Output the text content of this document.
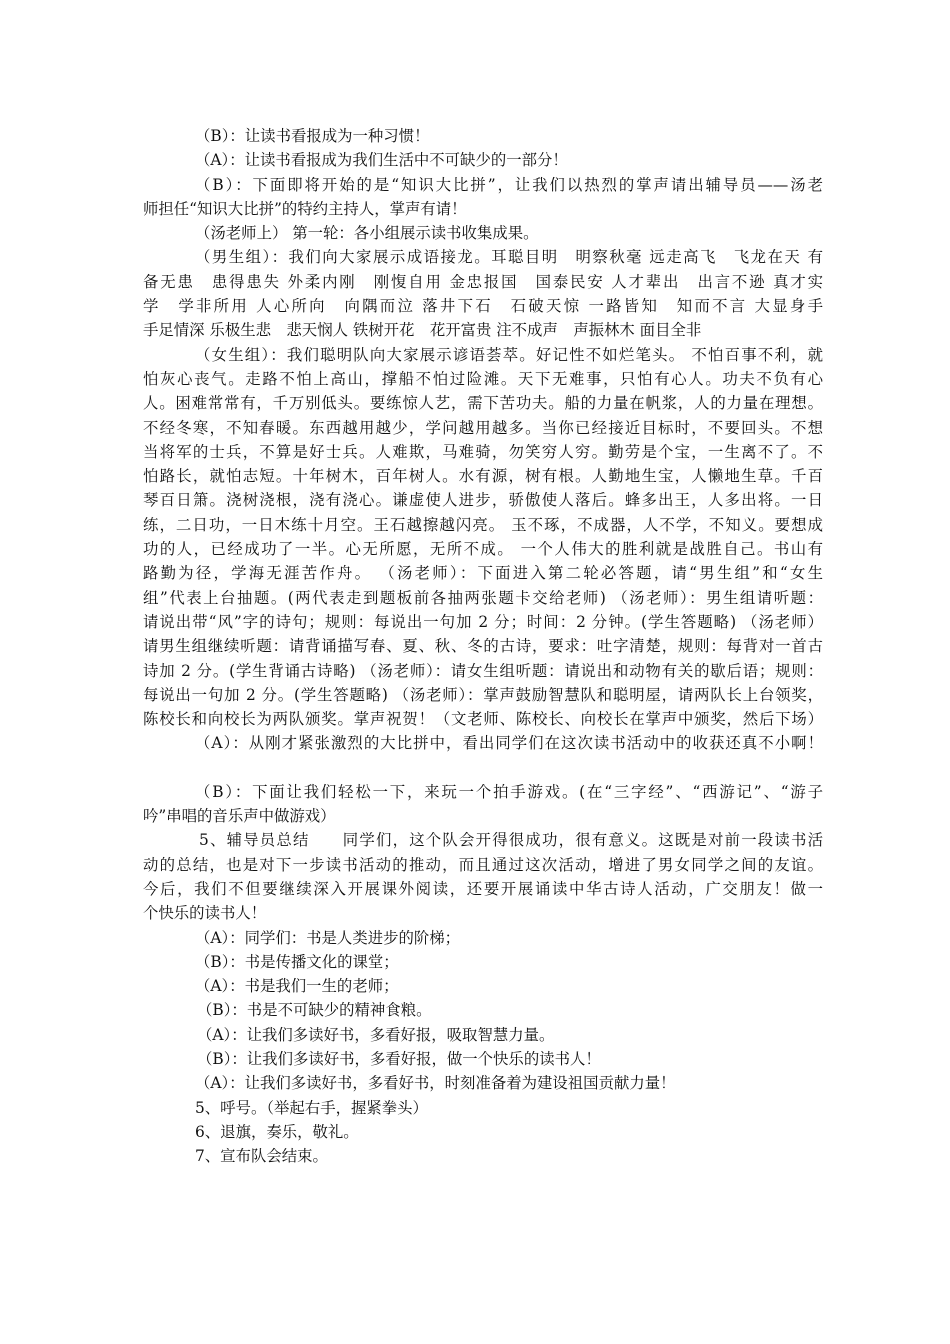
（B）：让读书看报成为一种习惯！
（A）：让读书看报成为我们生活中不可缺少的一部分！
（B）：下面即将开始的是“知识大比拼”，让我们以热烈的掌声请出辅导员——汤老
师担任“知识大比拼”的特约主持人，掌声有请！
（汤老师上） 第一轮：各小组展示读书收集成果。
（男生组）：我们向大家展示成语接龙。耳聪目明　明察秋毫 远走高飞　飞龙在天 有
备无患　患得患失 外柔内刚　刚愎自用 金忠报国　国泰民安 人才辈出　出言不逊 真才实
学　学非所用 人心所向　向隅而泣 落井下石　石破天惊 一路皆知　知而不言 大显身手
手足情深 乐极生悲　悲天悯人 铁树开花　花开富贵 注不成声　声振林木 面目全非
（女生组）：我们聪明队向大家展示谚语荟萃。好记性不如烂笔头。 不怕百事不利，就
怕灰心丧气。走路不怕上高山，撑船不怕过险滩。天下无难事，只怕有心人。功夫不负有心
人。困难常常有，千万别低头。要练惊人艺，需下苦功夫。船的力量在帆浆，人的力量在理想。
不经冬寒，不知春暖。东西越用越少，学问越用越多。当你已经接近目标时，不要回头。不想
当将军的士兵，不算是好士兵。人难欺，马难骑，勿笑穷人穷。勤劳是个宝，一生离不了。不
怕路长，就怕志短。十年树木，百年树人。水有源，树有根。人勤地生宝，人懒地生草。千百
琴百日箫。浇树浇根，浇有浇心。谦虚使人进步，骄傲使人落后。蜂多出王，人多出将。一日
练，二日功，一日木练十月空。王石越擦越闪亮。 玉不琢，不成器，人不学，不知义。要想成
功的人，已经成功了一半。心无所愿，无所不成。 一个人伟大的胜利就是战胜自己。书山有
路勤为径，学海无涯苦作舟。 （汤老师）：下面进入第二轮必答题，请“男生组”和“女生
组”代表上台抽题。(两代表走到题板前各抽两张题卡交给老师) （汤老师）：男生组请听题：
请说出带“风”字的诗句；规则：每说出一句加 2 分；时间：2 分钟。(学生答题略) （汤老师）
请男生组继续听题：请背诵描写春、夏、秋、冬的古诗，要求：吐字清楚，规则：每背对一首古
诗加 2 分。(学生背诵古诗略) （汤老师）：请女生组听题：请说出和动物有关的歇后语；规则：
每说出一句加 2 分。(学生答题略) （汤老师）：掌声鼓励智慧队和聪明屋，请两队长上台领奖，
陈校长和向校长为两队颁奖。掌声祝贺！（文老师、陈校长、向校长在掌声中颁奖，然后下场）
（A）：从刚才紧张激烈的大比拼中，看出同学们在这次读书活动中的收获还真不小啊！
（B）：下面让我们轻松一下，来玩一个拍手游戏。(在“三字经”、“西游记”、“游子
吟”串唱的音乐声中做游戏）
5、辅导员总结　　同学们，这个队会开得很成功，很有意义。这既是对前一段读书活
动的总结，也是对下一步读书活动的推动，而且通过这次活动，增进了男女同学之间的友谊。
今后，我们不但要继续深入开展课外阅读，还要开展诵读中华古诗人活动，广交朋友！做一
个快乐的读书人！
（A）：同学们：书是人类进步的阶梯；
（B）：书是传播文化的课堂；
（A）：书是我们一生的老师；
（B）：书是不可缺少的精神食粮。
（A）：让我们多读好书，多看好报，吸取智慧力量。
（B）：让我们多读好书，多看好报，做一个快乐的读书人！
（A）：让我们多读好书，多看好书，时刻准备着为建设祖国贡献力量！
5、呼号。（举起右手，握紧拳头）
6、退旗，奏乐，敬礼。
7、宣布队会结束。
